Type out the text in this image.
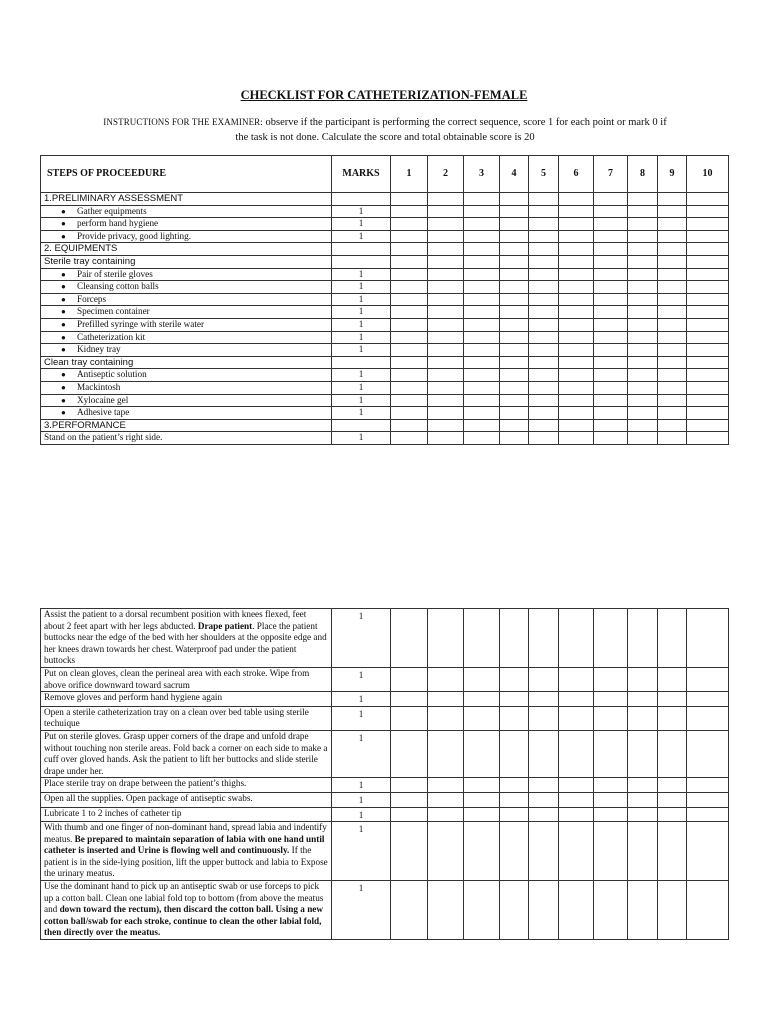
CHECKLIST FOR CATHETERIZATION-FEMALE
INSTRUCTIONS FOR THE EXAMINER: observe if the participant is performing the correct sequence, score 1 for each point or mark 0 if
the task is not done. Calculate the score and total obtainable score is 20
STEPS OF PROCEEDURE	MARKS	1	2	3	4	5	6	7	8	9	10
1.PRELIMINARY ASSESSMENT											
● Gather equipments	1										
● perform hand hygiene	1										
● Provide privacy, good lighting.	1										
2. EQUIPMENTS											
Sterile tray containing											
● Pair of sterile gloves	1										
● Cleansing cotton balls	1										
● Forceps	1										
● Specimen container	1										
● Prefilled syringe with sterile water	1										
● Catheterization kit	1										
● Kidney tray	1										
Clean tray containing											
● Antiseptic solution	1										
● Mackintosh	1										
● Xylocaine gel	1										
● Adhesive tape	1										
3.PERFORMANCE											
Stand on the patient’s right side.	1										
Assist the patient to a dorsal recumbent position with knees flexed, feet about 2 feet apart with her legs abducted. Drape patient. Place the patient buttocks near the edge of the bed with her shoulders at the opposite edge and her knees drawn towards her chest. Waterproof pad under the patient buttocks	1										
Put on clean gloves, clean the perineal area with each stroke. Wipe from above orifice downward toward sacrum	1										
Remove gloves and perform hand hygiene again	1										
Open a sterile catheterization tray on a clean over bed table using sterile techuique	1										
Put on sterile gloves. Grasp upper corners of the drape and unfold drape without touching non sterile areas. Fold back a corner on each side to make a cuff over gloved hands. Ask the patient to lift her buttocks and slide sterile drape under her.	1										
Place sterile tray on drape between the patient’s thighs.	1										
Open all the supplies. Open package of antiseptic swabs.	1										
Lubricate 1 to 2 inches of catheter tip	1										
With thumb and one finger of non-dominant hand, spread labia and indentify meatus. Be prepared to maintain separation of labia with one hand until catheter is inserted and Urine is flowing well and continuously. If the patient is in the side-lying position, lift the upper buttock and labia to Expose the urinary meatus.	1										
Use the dominant hand to pick up an antiseptic swab or use forceps to pick up a cotton ball. Clean one labial fold top to bottom (from above the meatus and down toward the rectum), then discard the cotton ball. Using a new cotton ball/swab for each stroke, continue to clean the other labial fold, then directly over the meatus.	1										
